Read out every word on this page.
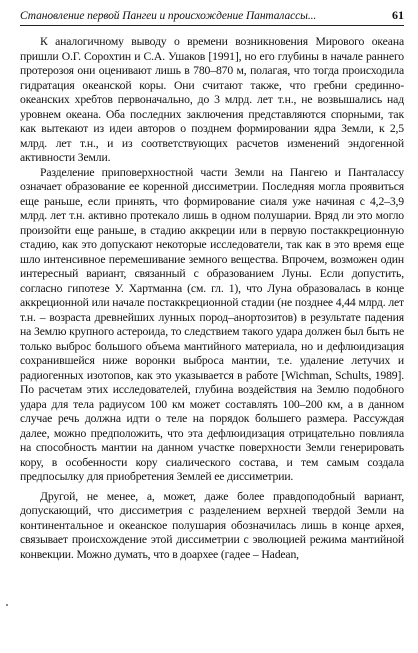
Становление первой Пангеи и происхождение Панталассы...	61

К аналогичному выводу о времени возникновения Мирового океана пришли О.Г. Сорохтин и С.А. Ушаков [1991], но его глубины в начале раннего протерозоя они оценивают лишь в 780–870 м, полагая, что тогда происходила гидратация океанской коры. Они считают также, что гребни срединно-океанских хребтов первоначально, до 3 млрд. лет т.н., не возвышались над уровнем океана. Оба последних заключения представляются спорными, так как вытекают из идеи авторов о позднем формировании ядра Земли, к 2,5 млрд. лет т.н., и из соответствующих расчетов изменений эндогенной активности Земли.

Разделение приповерхностной части Земли на Пангею и Панталассу означает образование ее коренной диссиметрии. Последняя могла проявиться еще раньше, если принять, что формирование сиаля уже начиная с 4,2–3,9 млрд. лет т.н. активно протекало лишь в одном полушарии. Вряд ли это могло произойти еще раньше, в стадию аккреции или в первую постаккреционную стадию, как это допускают некоторые исследователи, так как в это время еще шло интенсивное перемешивание земного вещества. Впрочем, возможен один интересный вариант, связанный с образованием Луны. Если допустить, согласно гипотезе У. Хартманна (см. гл. 1), что Луна образовалась в конце аккреционной или начале постаккреционной стадии (не позднее 4,44 млрд. лет т.н. – возраста древнейших лунных пород–анортозитов) в результате падения на Землю крупного астероида, то следствием такого удара должен был быть не только выброс большого объема мантийного материала, но и дефлюидизация сохранившейся ниже воронки выброса мантии, т.е. удаление летучих и радиогенных изотопов, как это указывается в работе [Wichman, Schults, 1989]. По расчетам этих исследователей, глубина воздействия на Землю подобного удара для тела радиусом 100 км может составлять 100–200 км, а в данном случае речь должна идти о теле на порядок большего размера. Рассуждая далее, можно предположить, что эта дефлюидизация отрицательно повлияла на способность мантии на данном участке поверхности Земли генерировать кору, в особенности кору сиалического состава, и тем самым создала предпосылку для приобретения Землей ее диссиметрии.

Другой, не менее, а, может, даже более правдоподобный вариант, допускающий, что диссиметрия с разделением верхней твердой Земли на континентальное и океанское полушария обозначилась лишь в конце архея, связывает происхождение этой диссиметрии с эволюцией режима мантийной конвекции. Можно думать, что в доархее (гадее – Hadean,
